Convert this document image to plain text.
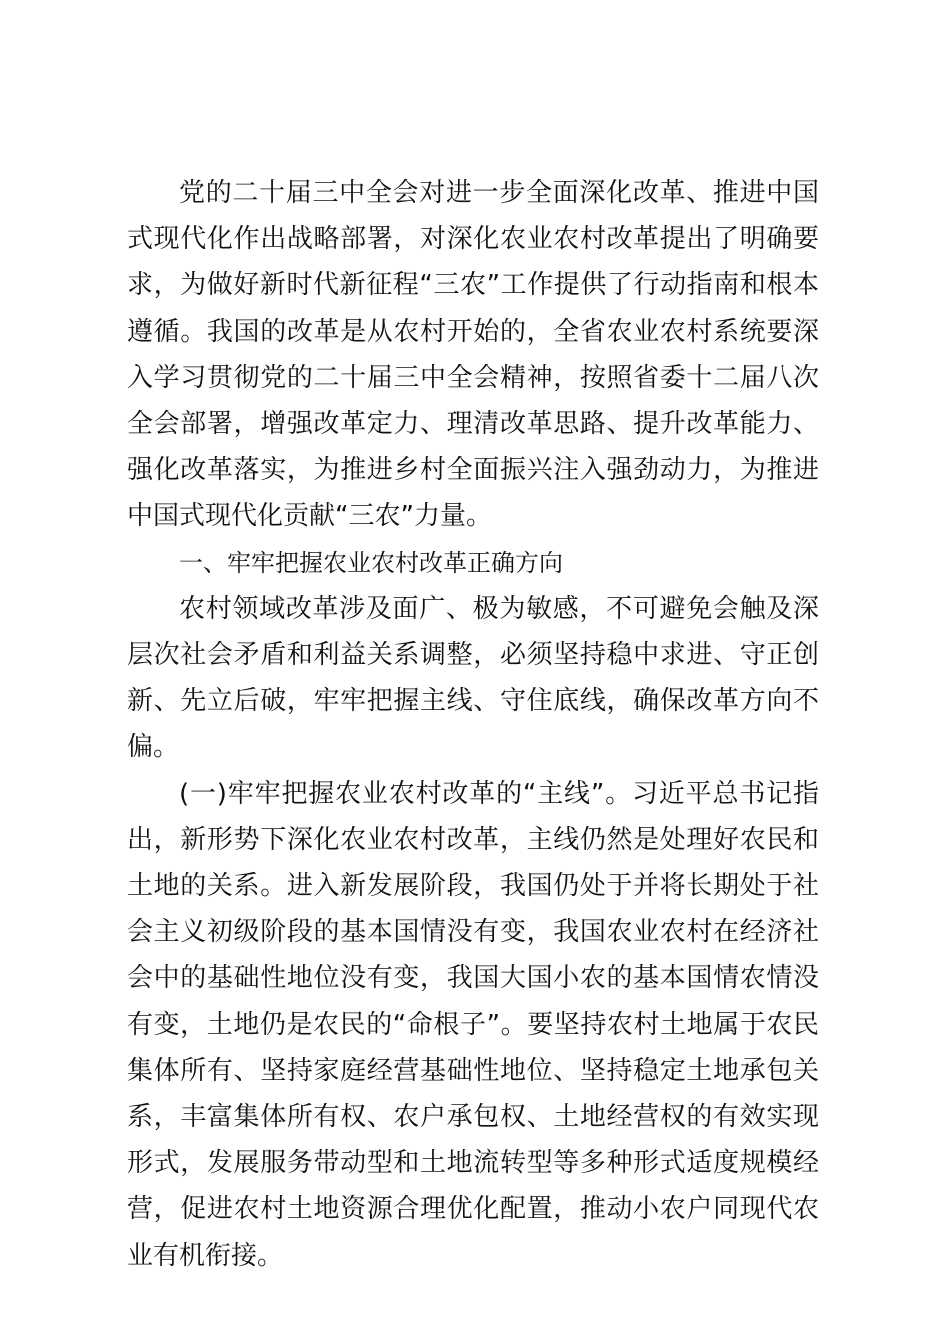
党的二十届三中全会对进一步全面深化改革、推进中国式现代化作出战略部署，对深化农业农村改革提出了明确要求，为做好新时代新征程“三农”工作提供了行动指南和根本遵循。我国的改革是从农村开始的，全省农业农村系统要深入学习贯彻党的二十届三中全会精神，按照省委十二届八次全会部署，增强改革定力、理清改革思路、提升改革能力、强化改革落实，为推进乡村全面振兴注入强劲动力，为推进中国式现代化贡献“三农”力量。

一、牢牢把握农业农村改革正确方向

农村领域改革涉及面广、极为敏感，不可避免会触及深层次社会矛盾和利益关系调整，必须坚持稳中求进、守正创新、先立后破，牢牢把握主线、守住底线，确保改革方向不偏。

(一)牢牢把握农业农村改革的“主线”。习近平总书记指出，新形势下深化农业农村改革，主线仍然是处理好农民和土地的关系。进入新发展阶段，我国仍处于并将长期处于社会主义初级阶段的基本国情没有变，我国农业农村在经济社会中的基础性地位没有变，我国大国小农的基本国情农情没有变，土地仍是农民的“命根子”。要坚持农村土地属于农民集体所有、坚持家庭经营基础性地位、坚持稳定土地承包关系，丰富集体所有权、农户承包权、土地经营权的有效实现形式，发展服务带动型和土地流转型等多种形式适度规模经营，促进农村土地资源合理优化配置，推动小农户同现代农业有机衔接。
